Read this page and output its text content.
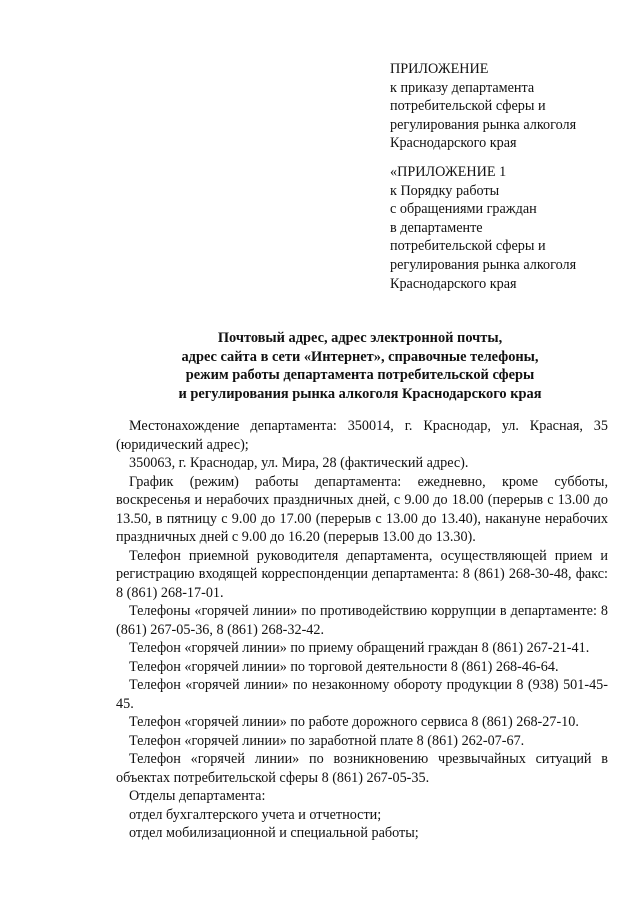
ПРИЛОЖЕНИЕ
к приказу департамента
потребительской сферы и
регулирования рынка алкоголя
Краснодарского края
«ПРИЛОЖЕНИЕ 1
к Порядку работы
с обращениями граждан
в департаменте
потребительской сферы и
регулирования рынка алкоголя
Краснодарского края
Почтовый адрес, адрес электронной почты,
адрес сайта в сети «Интернет», справочные телефоны,
режим работы департамента потребительской сферы
и регулирования рынка алкоголя Краснодарского края

Местонахождение департамента: 350014, г. Краснодар, ул. Красная, 35 (юридический адрес);

350063, г. Краснодар, ул. Мира, 28 (фактический адрес).

График (режим) работы департамента: ежедневно, кроме субботы, воскресенья и нерабочих праздничных дней, с 9.00 до 18.00 (перерыв с 13.00 до 13.50, в пятницу с 9.00 до 17.00 (перерыв с 13.00 до 13.40), накануне нерабочих праздничных дней с 9.00 до 16.20 (перерыв 13.00 до 13.30).

Телефон приемной руководителя департамента, осуществляющей прием и регистрацию входящей корреспонденции департамента: 8 (861) 268-30-48, факс: 8 (861) 268-17-01.

Телефоны «горячей линии» по противодействию коррупции в департаменте: 8 (861) 267-05-36, 8 (861) 268-32-42.

Телефон «горячей линии» по приему обращений граждан 8 (861) 267-21-41.

Телефон «горячей линии» по торговой деятельности 8 (861) 268-46-64.

Телефон «горячей линии» по незаконному обороту продукции 8 (938) 501-45-45.

Телефон «горячей линии» по работе дорожного сервиса 8 (861) 268-27-10.

Телефон «горячей линии» по заработной плате 8 (861) 262-07-67.

Телефон «горячей линии» по возникновению чрезвычайных ситуаций в объектах потребительской сферы 8 (861) 267-05-35.

Отделы департамента:

отдел бухгалтерского учета и отчетности;

отдел мобилизационной и специальной работы;
